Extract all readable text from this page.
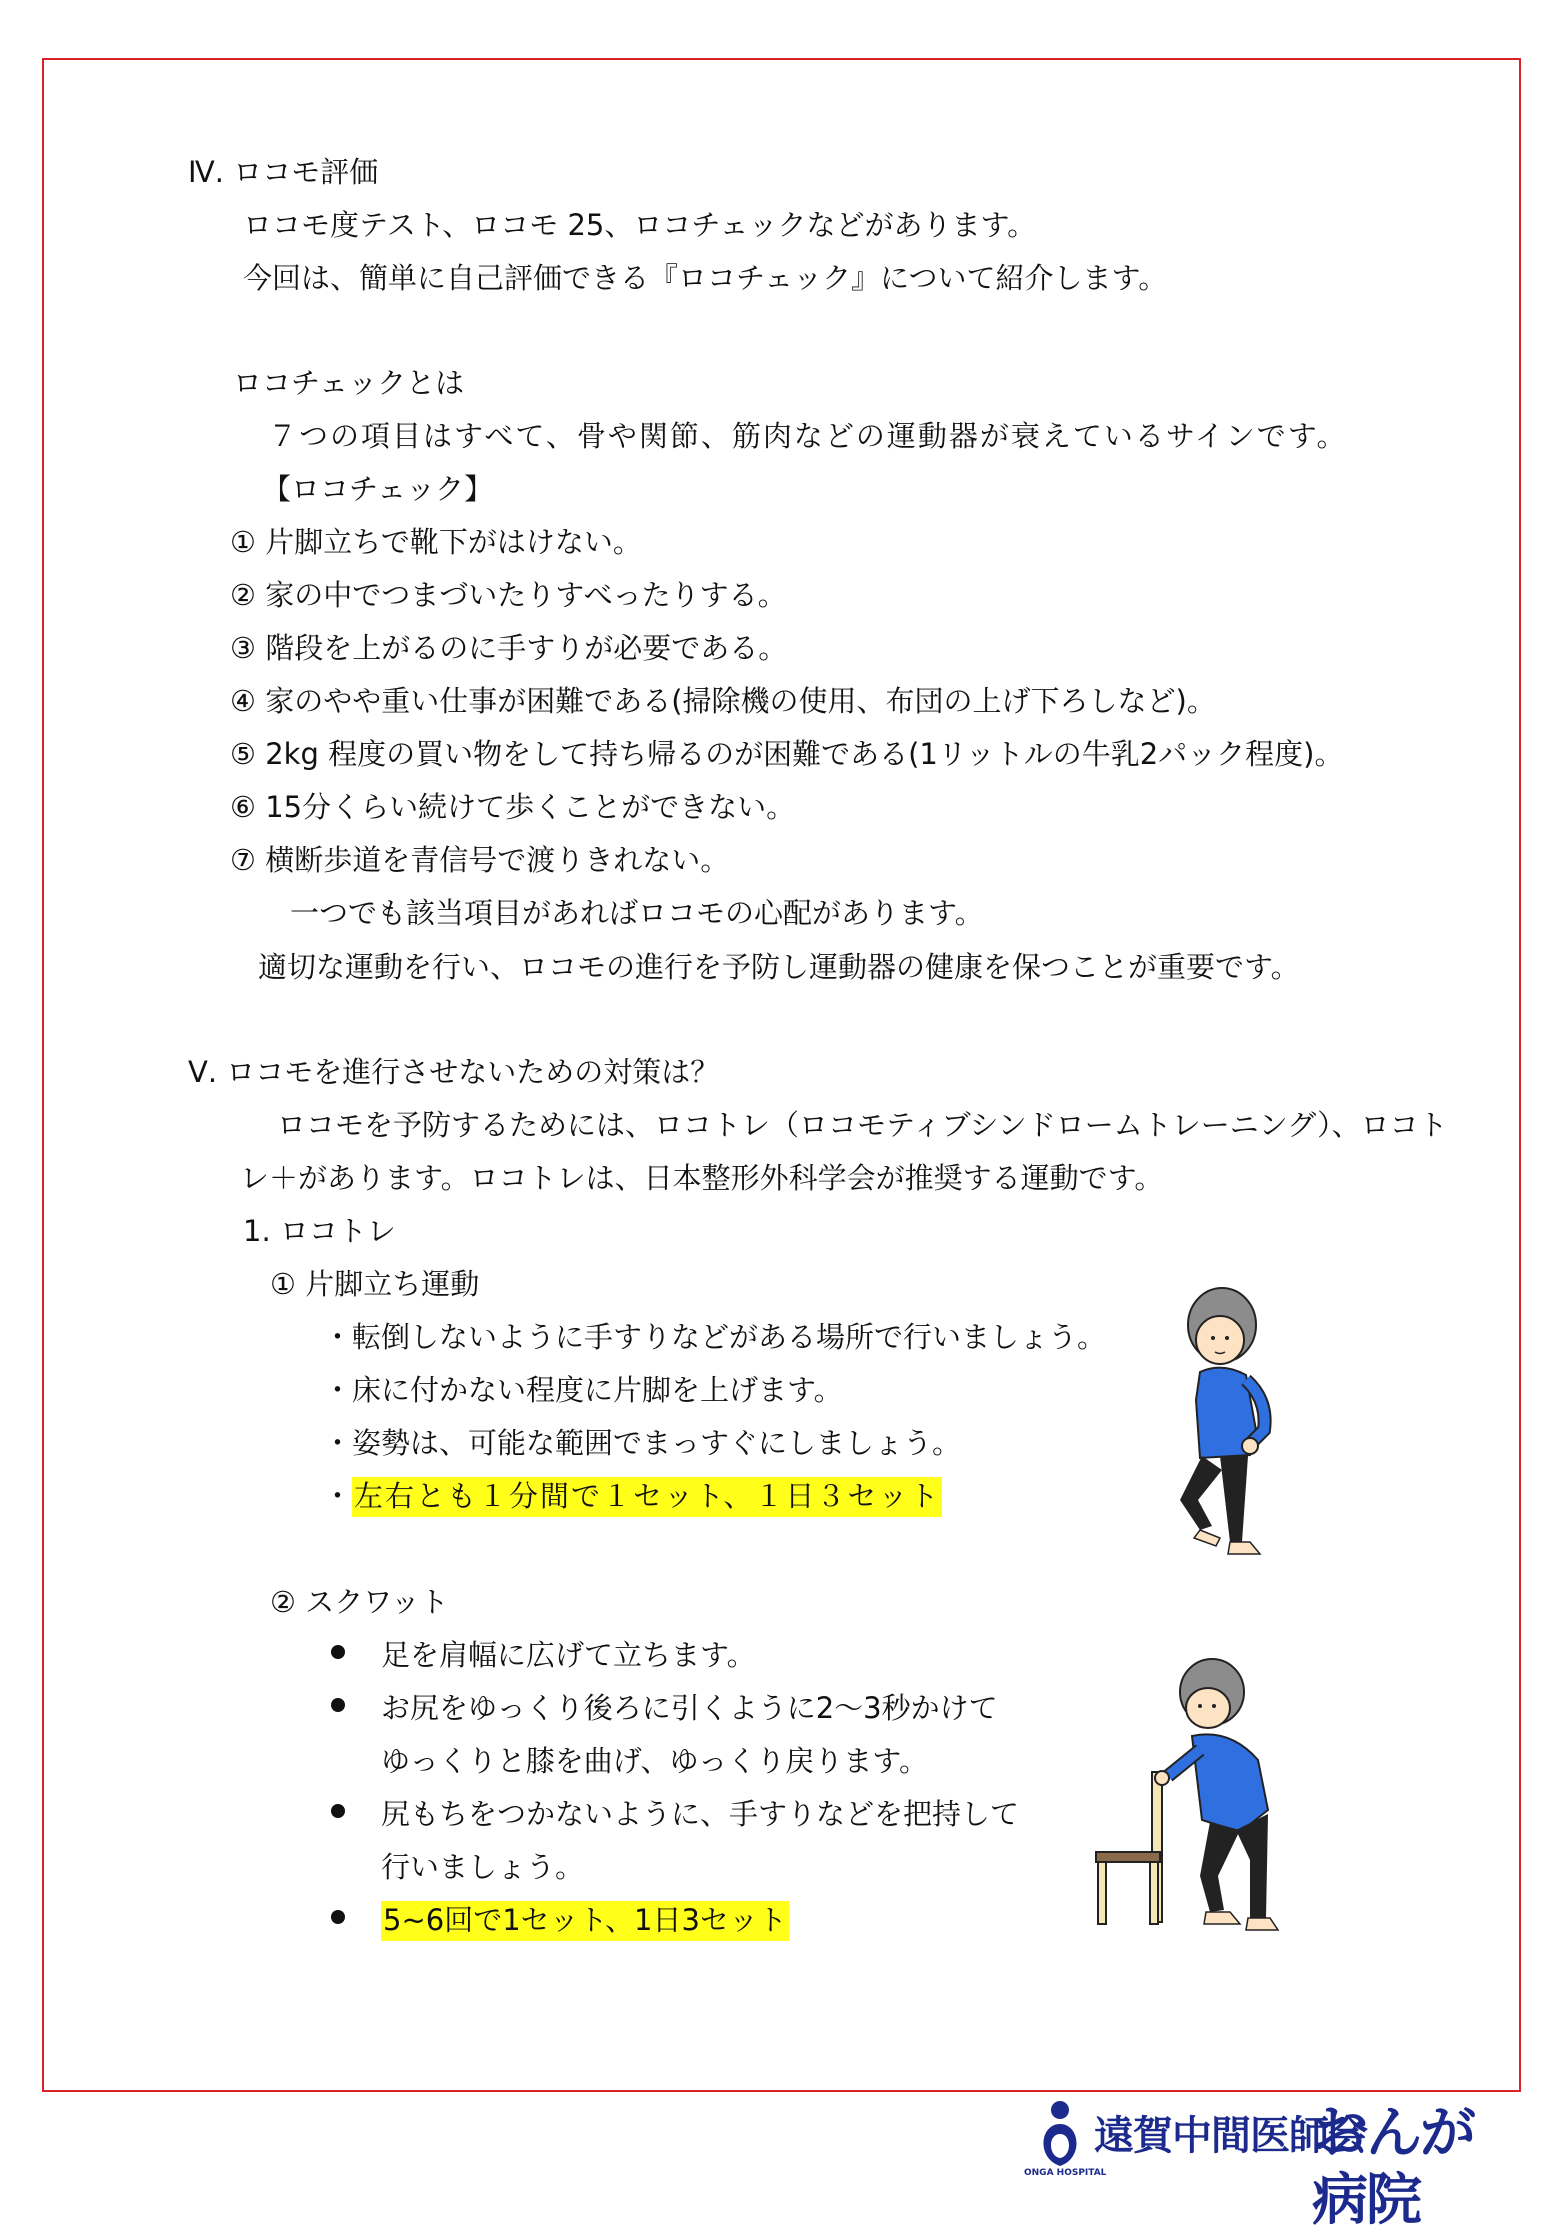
Ⅳ. ロコモ評価
ロコモ度テスト、ロコモ 25、ロコチェックなどがあります。
今回は、簡単に自己評価できる『ロコチェック』について紹介します。
ロコチェックとは
７つの項目はすべて、骨や関節、筋肉などの運動器が衰えているサインです。
【ロコチェック】
① 片脚立ちで靴下がはけない。
② 家の中でつまづいたりすべったりする。
③ 階段を上がるのに手すりが必要である。
④ 家のやや重い仕事が困難である(掃除機の使用、布団の上げ下ろしなど)。
⑤ 2kg 程度の買い物をして持ち帰るのが困難である(1リットルの牛乳2パック程度)。
⑥ 15分くらい続けて歩くことができない。
⑦ 横断歩道を青信号で渡りきれない。
一つでも該当項目があればロコモの心配があります。
適切な運動を行い、ロコモの進行を予防し運動器の健康を保つことが重要です。
Ⅴ. ロコモを進行させないための対策は？
ロコモを予防するためには、ロコトレ（ロコモティブシンドロームトレーニング）、ロコト
レ＋があります。ロコトレは、日本整形外科学会が推奨する運動です。
1. ロコトレ
① 片脚立ち運動
・転倒しないように手すりなどがある場所で行いましょう。
・床に付かない程度に片脚を上げます。
・姿勢は、可能な範囲でまっすぐにしましょう。
・左右とも１分間で１セット、１日３セット
② スクワット
足を肩幅に広げて立ちます。
お尻をゆっくり後ろに引くように2～3秒かけて
ゆっくりと膝を曲げ、ゆっくり戻ります。
尻もちをつかないように、手すりなどを把持して
行いましょう。
5~6回で1セット、1日3セット
遠賀中間医師会
おんが病院
ONGA HOSPITAL
